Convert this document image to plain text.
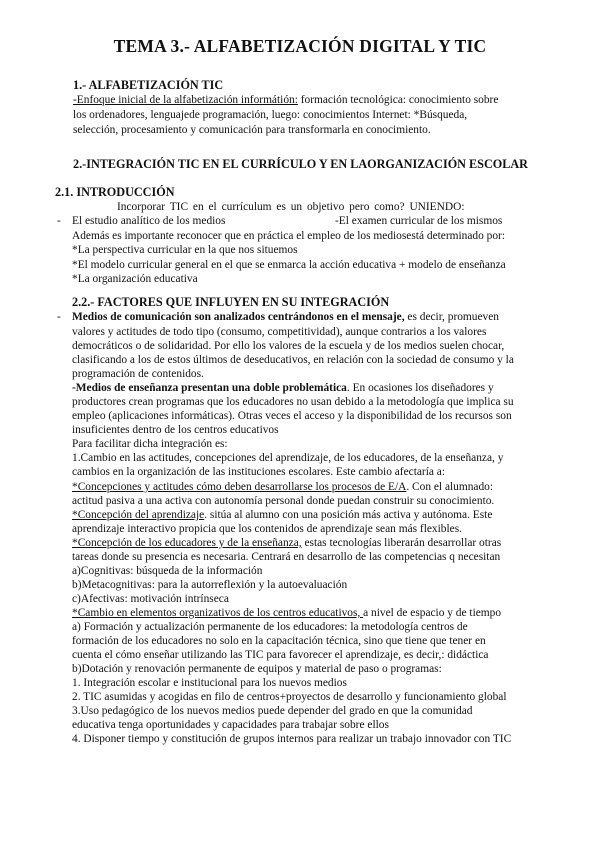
TEMA 3.- ALFABETIZACIÓN DIGITAL Y TIC
1.- ALFABETIZACIÓN TIC
-Enfoque inicial de la alfabetización informátión: formación tecnológica: conocimiento sobre
los ordenadores, lenguajede programación, luego: conocimientos Internet: *Búsqueda,
selección, procesamiento y comunicación para transformarla en conocimiento.
2.-INTEGRACIÓN TIC EN EL CURRÍCULO Y EN LAORGANIZACIÓN ESCOLAR
2.1. INTRODUCCIÓN
Incorporar TIC en el currículum es un objetivo pero como? UNIENDO:
- El estudio analítico de los medios	-El examen curricular de los mismos
Además es importante reconocer que en práctica el empleo de los mediosestá determinado por:
*La perspectiva curricular en la que nos situemos
*El modelo curricular general en el que se enmarca la acción educativa + modelo de enseñanza
*La organización educativa
2.2.- FACTORES QUE INFLUYEN EN SU INTEGRACIÓN
- Medios de comunicación son analizados centrándonos en el mensaje, es decir, promueven
valores y actitudes de todo tipo (consumo, competitividad), aunque contrarios a los valores
democráticos o de solidaridad. Por ello los valores de la escuela y de los medios suelen chocar,
clasificando a los de estos últimos de deseducativos, en relación con la sociedad de consumo y la
programación de contenidos.
-Medios de enseñanza presentan una doble problemática. En ocasiones los diseñadores y
productores crean programas que los educadores no usan debido a la metodología que implica su
empleo (aplicaciones informáticas). Otras veces el acceso y la disponibilidad de los recursos son
insuficientes dentro de los centros educativos
Para facilitar dicha integración es:
1.Cambio en las actitudes, concepciones del aprendizaje, de los educadores, de la enseñanza, y
cambios en la organización de las instituciones escolares. Este cambio afectaría a:
*Concepciones y actitudes cómo deben desarrollarse los procesos de E/A. Con el alumnado:
actitud pasiva a una activa con autonomía personal donde puedan construir su conocimiento.
*Concepción del aprendizaje. sitúa al alumno con una posición más activa y autónoma. Este
aprendizaje interactivo propicia que los contenidos de aprendizaje sean más flexibles.
*Concepción de los educadores y de la enseñanza, estas tecnologías liberarán desarrollar otras
tareas donde su presencia es necesaria. Centrará en desarrollo de las competencias q necesitan
a)Cognitivas: búsqueda de la información
b)Metacognitivas: para la autorreflexión y la autoevaluación
c)Afectivas: motivación intrínseca
*Cambio en elementos organizativos de los centros educativos, a nivel de espacio y de tiempo
a) Formación y actualización permanente de los educadores: la metodología centros de
formación de los educadores no solo en la capacitación técnica, sino que tiene que tener en
cuenta el cómo enseñar utilizando las TIC para favorecer el aprendizaje, es decir,: didáctica
b)Dotación y renovación permanente de equipos y material de paso o programas:
1. Integración escolar e institucional para los nuevos medios
2. TIC asumidas y acogidas en filo de centros+proyectos de desarrollo y funcionamiento global
3.Uso pedagógico de los nuevos medios puede depender del grado en que la comunidad
educativa tenga oportunidades y capacidades para trabajar sobre ellos
4. Disponer tiempo y constitución de grupos internos para realizar un trabajo innovador con TIC
